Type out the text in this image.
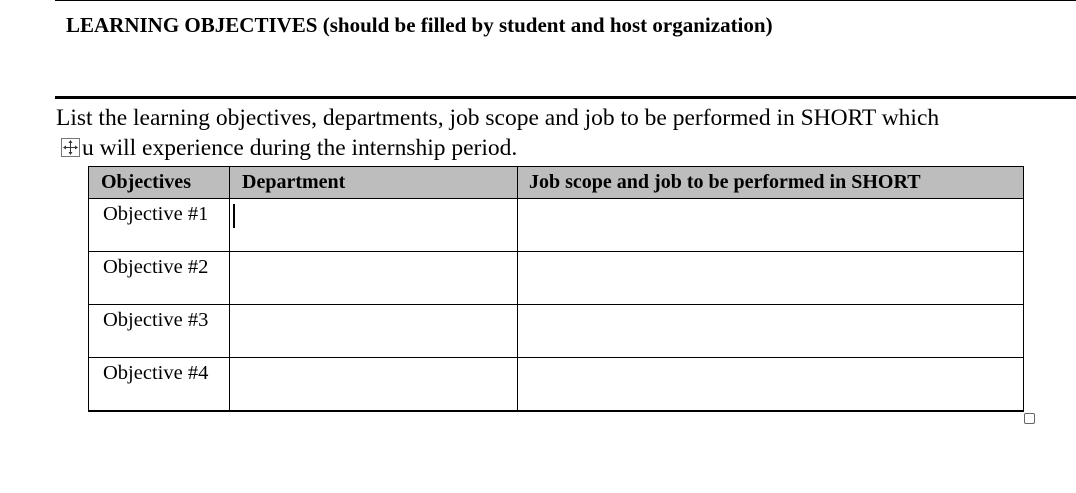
LEARNING OBJECTIVES (should be filled by student and host organization)
List the learning objectives, departments, job scope and job to be performed in SHORT which
u will experience during the internship period.
Objectives	Department	Job scope and job to be performed in SHORT

Objective #1		

Objective #2		

Objective #3		

Objective #4		
